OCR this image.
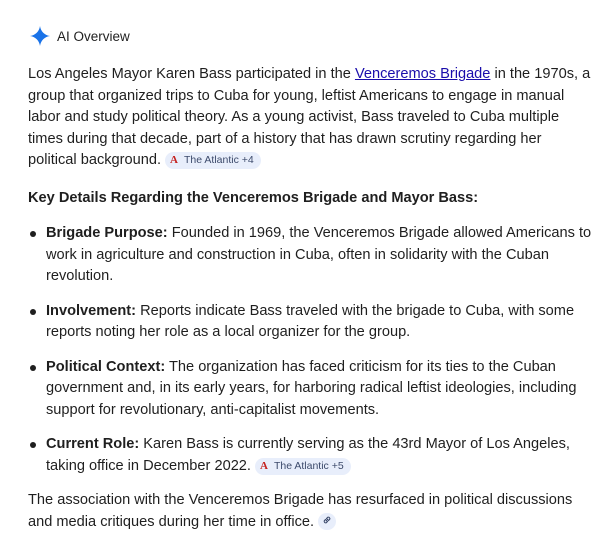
AI Overview

Los Angeles Mayor Karen Bass participated in the Venceremos Brigade in the 1970s, a group that organized trips to Cuba for young, leftist Americans to engage in manual labor and study political theory. As a young activist, Bass traveled to Cuba multiple times during that decade, part of a history that has drawn scrutiny regarding her political background. A The Atlantic +4

Key Details Regarding the Venceremos Brigade and Mayor Bass:

Brigade Purpose: Founded in 1969, the Venceremos Brigade allowed Americans to work in agriculture and construction in Cuba, often in solidarity with the Cuban revolution.
Involvement: Reports indicate Bass traveled with the brigade to Cuba, with some reports noting her role as a local organizer for the group.
Political Context: The organization has faced criticism for its ties to the Cuban government and, in its early years, for harboring radical leftist ideologies, including support for revolutionary, anti-capitalist movements.
Current Role: Karen Bass is currently serving as the 43rd Mayor of Los Angeles, taking office in December 2022. A The Atlantic +5

The association with the Venceremos Brigade has resurfaced in political discussions and media critiques during her time in office.
